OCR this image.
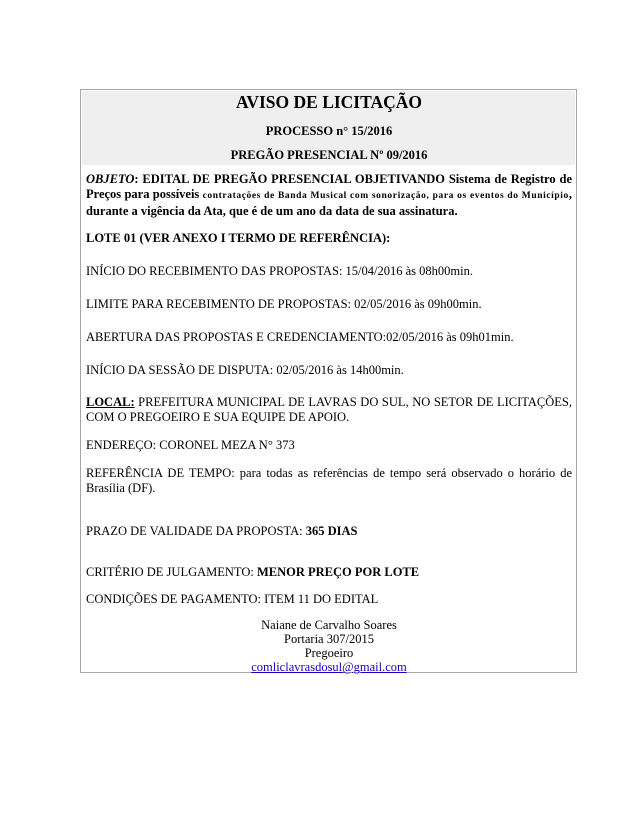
AVISO DE LICITAÇÃO
PROCESSO n° 15/2016
PREGÃO PRESENCIAL Nº 09/2016
OBJETO: EDITAL DE PREGÃO PRESENCIAL OBJETIVANDO Sistema de Registro de Preços para possíveis contratações de Banda Musical com sonorização, para os eventos do Município, durante a vigência da Ata, que é de um ano da data de sua assinatura.
LOTE 01 (VER ANEXO I TERMO DE REFERÊNCIA):
INÍCIO DO RECEBIMENTO DAS PROPOSTAS: 15/04/2016 às 08h00min.
LIMITE PARA RECEBIMENTO DE PROPOSTAS: 02/05/2016 às 09h00min.
ABERTURA DAS PROPOSTAS E CREDENCIAMENTO:02/05/2016 às 09h01min.
INÍCIO DA SESSÃO DE DISPUTA: 02/05/2016 às 14h00min.
LOCAL: PREFEITURA MUNICIPAL DE LAVRAS DO SUL, NO SETOR DE LICITAÇÕES, COM O PREGOEIRO E SUA EQUIPE DE APOIO.
ENDEREÇO: CORONEL MEZA N° 373
REFERÊNCIA DE TEMPO: para todas as referências de tempo será observado o horário de Brasília (DF).
PRAZO DE VALIDADE DA PROPOSTA: 365 DIAS
CRITÉRIO DE JULGAMENTO: MENOR PREÇO POR LOTE
CONDIÇÕES DE PAGAMENTO: ITEM 11 DO EDITAL
Naiane de Carvalho Soares
Portaria 307/2015
Pregoeiro
comliclavrasdosul@gmail.com
